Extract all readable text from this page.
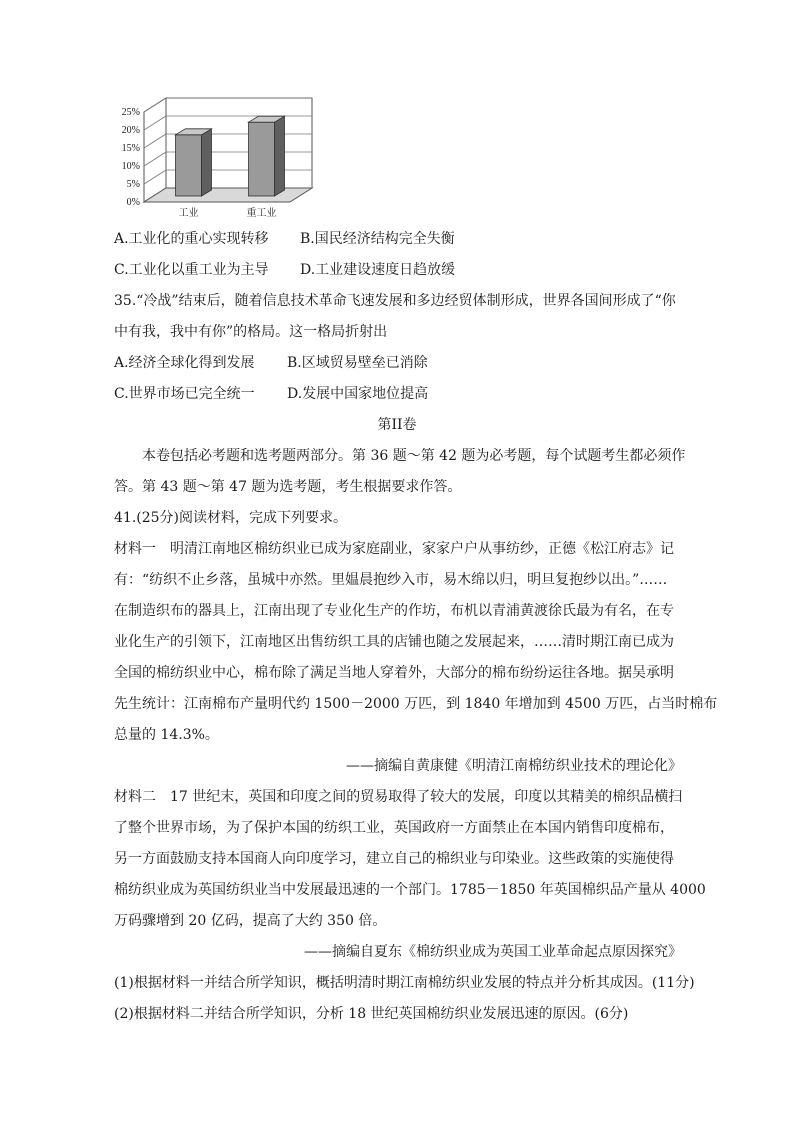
0%
5%
10%
15%
20%
25%
工业	重工业
A.工业化的重心实现转移 B.国民经济结构完全失衡
C.工业化以重工业为主导 D.工业建设速度日趋放缓
35.“冷战”结束后，随着信息技术革命飞速发展和多边经贸体制形成，世界各国间形成了“你
中有我，我中有你”的格局。这一格局折射出
A.经济全球化得到发展 B.区域贸易壁垒已消除
C.世界市场已完全统一 D.发展中国家地位提高
第II卷
本卷包括必考题和选考题两部分。第 36 题～第 42 题为必考题，每个试题考生都必须作
答。第 43 题～第 47 题为选考题，考生根据要求作答。
41.(25分)阅读材料，完成下列要求。
材料一　明清江南地区棉纺织业已成为家庭副业，家家户户从事纺纱，正德《松江府志》记
有：“纺织不止乡落，虽城中亦然。里媪晨抱纱入市，易木绵以归，明旦复抱纱以出。”……
在制造织布的器具上，江南出现了专业化生产的作坊，布机以青浦黄渡徐氏最为有名，在专
业化生产的引领下，江南地区出售纺织工具的店铺也随之发展起来，……清时期江南已成为
全国的棉纺织业中心，棉布除了满足当地人穿着外，大部分的棉布纷纷运往各地。据吴承明
先生统计：江南棉布产量明代约 1500－2000 万匹，到 1840 年增加到 4500 万匹，占当时棉布
总量的 14.3%。
——摘编自黄康健《明清江南棉纺织业技术的理论化》
材料二　17 世纪末，英国和印度之间的贸易取得了较大的发展，印度以其精美的棉织品横扫
了整个世界市场，为了保护本国的纺织工业，英国政府一方面禁止在本国内销售印度棉布，
另一方面鼓励支持本国商人向印度学习，建立自己的棉织业与印染业。这些政策的实施使得
棉纺织业成为英国纺织业当中发展最迅速的一个部门。1785－1850 年英国棉织品产量从 4000
万码骤增到 20 亿码，提高了大约 350 倍。
——摘编自夏东《棉纺织业成为英国工业革命起点原因探究》
(1)根据材料一并结合所学知识，概括明清时期江南棉纺织业发展的特点并分析其成因。(11分)
(2)根据材料二并结合所学知识，分析 18 世纪英国棉纺织业发展迅速的原因。(6分)
